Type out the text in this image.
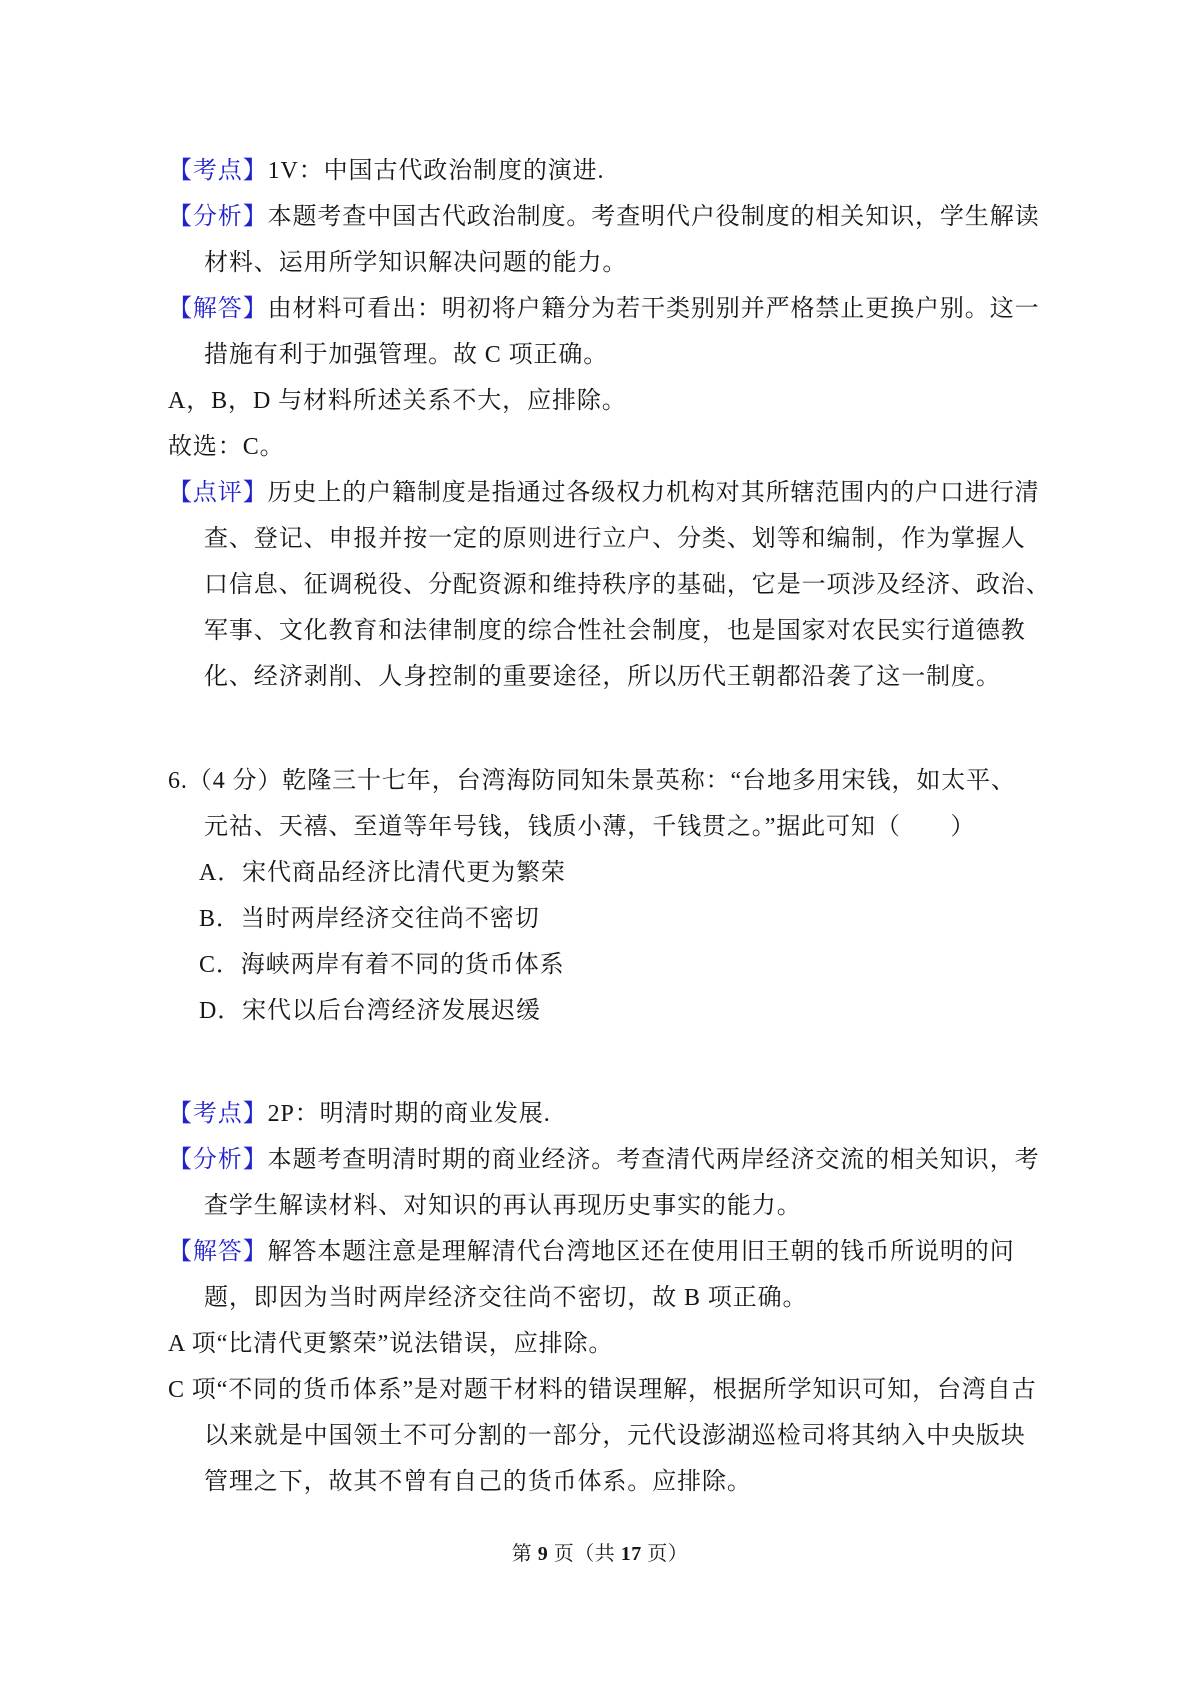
【考点】1V：中国古代政治制度的演进.
【分析】本题考查中国古代政治制度。考查明代户役制度的相关知识，学生解读
材料、运用所学知识解决问题的能力。
【解答】由材料可看出：明初将户籍分为若干类别别并严格禁止更换户别。这一
措施有利于加强管理。故 C 项正确。
A，B，D 与材料所述关系不大，应排除。
故选：C。
【点评】历史上的户籍制度是指通过各级权力机构对其所辖范围内的户口进行清
查、登记、申报并按一定的原则进行立户、分类、划等和编制，作为掌握人
口信息、征调税役、分配资源和维持秩序的基础，它是一项涉及经济、政治、
军事、文化教育和法律制度的综合性社会制度，也是国家对农民实行道德教
化、经济剥削、人身控制的重要途径，所以历代王朝都沿袭了这一制度。
6.（4 分）乾隆三十七年，台湾海防同知朱景英称：“台地多用宋钱，如太平、
元祜、天禧、至道等年号钱，钱质小薄，千钱贯之。”据此可知（　　）
A．宋代商品经济比清代更为繁荣
B．当时两岸经济交往尚不密切
C．海峡两岸有着不同的货币体系
D．宋代以后台湾经济发展迟缓
【考点】2P：明清时期的商业发展.
【分析】本题考查明清时期的商业经济。考查清代两岸经济交流的相关知识，考
查学生解读材料、对知识的再认再现历史事实的能力。
【解答】解答本题注意是理解清代台湾地区还在使用旧王朝的钱币所说明的问
题，即因为当时两岸经济交往尚不密切，故 B 项正确。
A 项“比清代更繁荣”说法错误，应排除。
C 项“不同的货币体系”是对题干材料的错误理解，根据所学知识可知，台湾自古
以来就是中国领土不可分割的一部分，元代设澎湖巡检司将其纳入中央版块
管理之下，故其不曾有自己的货币体系。应排除。
第 9 页（共 17 页）
